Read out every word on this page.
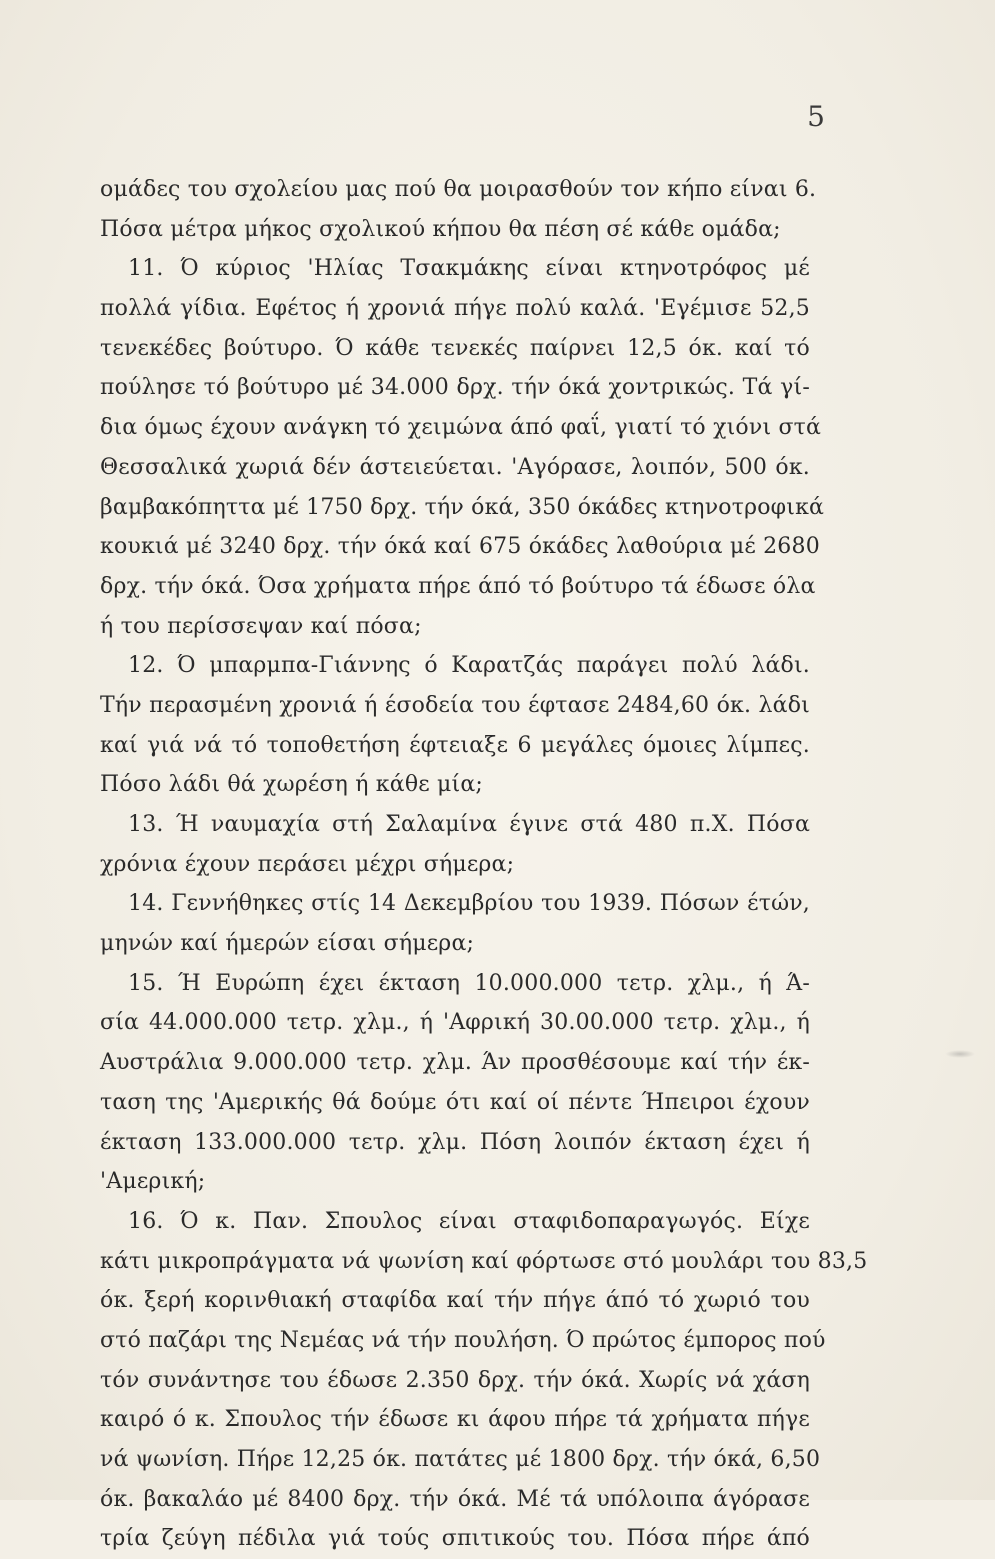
5
ομάδες του σχολείου μας πού θα μοιρασθούν τον κήπο είναι 6.
Πόσα μέτρα μήκος σχολικού κήπου θα πέση σέ κάθε ομάδα;
11. Ό κύριος 'Ηλίας Τσακμάκης είναι κτηνοτρόφος μέ
πολλά γίδια. Εφέτος ή χρονιά πήγε πολύ καλά. 'Εγέμισε 52,5
τενεκέδες βούτυρο. Ό κάθε τενεκές παίρνει 12,5 όκ. καί τό
πούλησε τό βούτυρο μέ 34.000 δρχ. τήν όκά χοντρικώς. Τά γί-
δια όμως έχουν ανάγκη τό χειμώνα άπό φαΐ, γιατί τό χιόνι στά
Θεσσαλικά χωριά δέν άστειεύεται. 'Αγόρασε, λοιπόν, 500 όκ.
βαμβακόπηττα μέ 1750 δρχ. τήν όκά, 350 όκάδες κτηνοτροφικά
κουκιά μέ 3240 δρχ. τήν όκά καί 675 όκάδες λαθούρια μέ 2680
δρχ. τήν όκά. Όσα χρήματα πήρε άπό τό βούτυρο τά έδωσε όλα
ή του περίσσεψαν καί πόσα;
12. Ό μπαρμπα-Γιάννης ό Καρατζάς παράγει πολύ λάδι.
Τήν περασμένη χρονιά ή έσοδεία του έφτασε 2484,60 όκ. λάδι
καί γιά νά τό τοποθετήση έφτειαξε 6 μεγάλες όμοιες λίμπες.
Πόσο λάδι θά χωρέση ή κάθε μία;
13. Ή ναυμαχία στή Σαλαμίνα έγινε στά 480 π.Χ. Πόσα
χρόνια έχουν περάσει μέχρι σήμερα;
14. Γεννήθηκες στίς 14 Δεκεμβρίου του 1939. Πόσων έτών,
μηνών καί ήμερών είσαι σήμερα;
15. Ή Ευρώπη έχει έκταση 10.000.000 τετρ. χλμ., ή Ά-
σία 44.000.000 τετρ. χλμ., ή 'Αφρική 30.00.000 τετρ. χλμ., ή
Αυστράλια 9.000.000 τετρ. χλμ. Άν προσθέσουμε καί τήν έκ-
ταση της 'Αμερικής θά δούμε ότι καί οί πέντε Ήπειροι έχουν
έκταση 133.000.000 τετρ. χλμ. Πόση λοιπόν έκταση έχει ή
'Αμερική;
16. Ό κ. Παν. Σπουλος είναι σταφιδοπαραγωγός. Είχε
κάτι μικροπράγματα νά ψωνίση καί φόρτωσε στό μουλάρι του 83,5
όκ. ξερή κορινθιακή σταφίδα καί τήν πήγε άπό τό χωριό του
στό παζάρι της Νεμέας νά τήν πουλήση. Ό πρώτος έμπορος πού
τόν συνάντησε του έδωσε 2.350 δρχ. τήν όκά. Χωρίς νά χάση
καιρό ό κ. Σπουλος τήν έδωσε κι άφου πήρε τά χρήματα πήγε
νά ψωνίση. Πήρε 12,25 όκ. πατάτες μέ 1800 δρχ. τήν όκά, 6,50
όκ. βακαλάο μέ 8400 δρχ. τήν όκά. Μέ τά υπόλοιπα άγόρασε
τρία ζεύγη πέδιλα γιά τούς σπιτικούς του. Πόσα πήρε άπό
